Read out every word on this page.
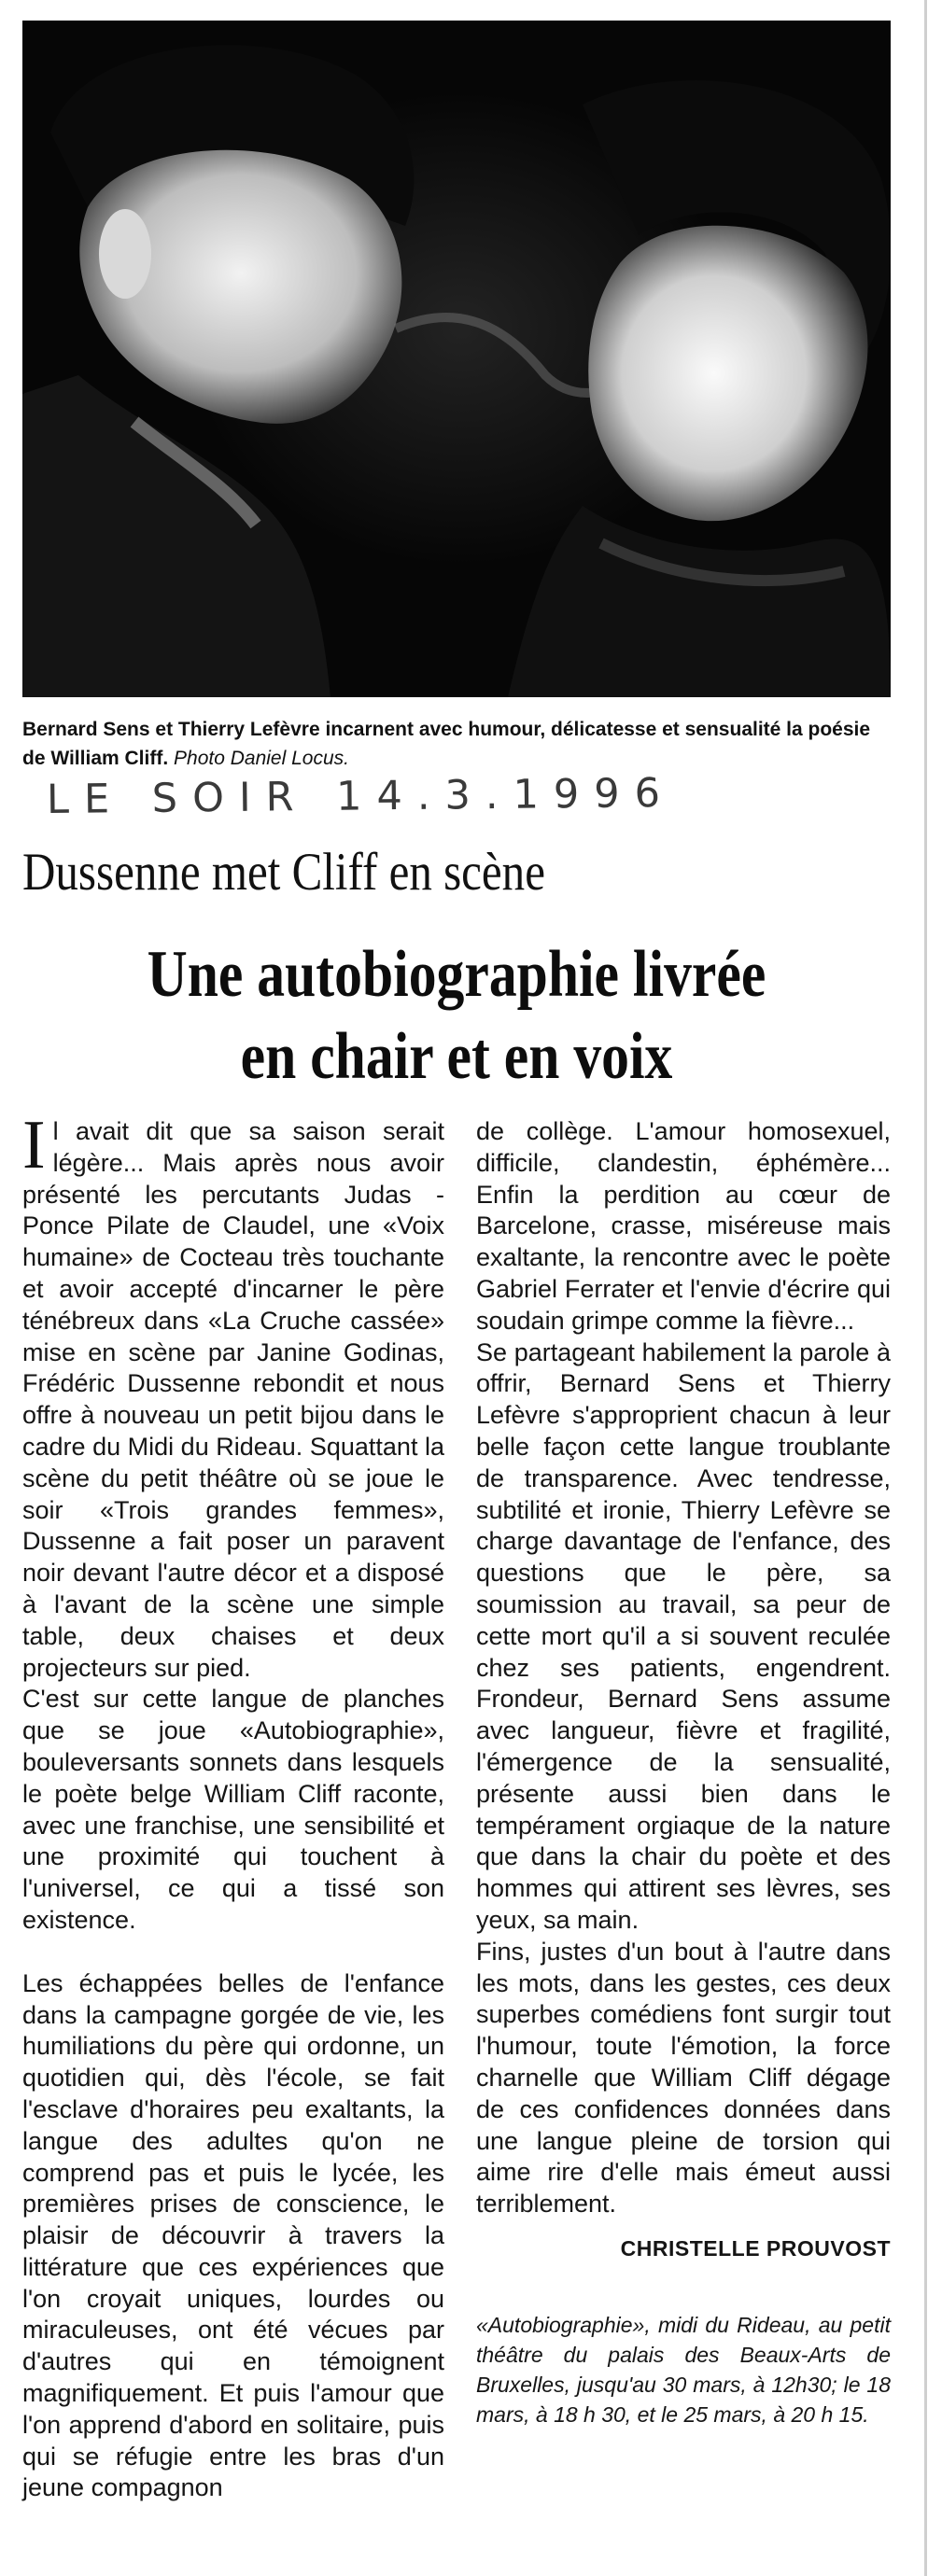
Bernard Sens et Thierry Lefèvre incarnent avec humour, délicatesse et sensualité la poésie de William Cliff. Photo Daniel Locus.
LE SOIR 14.3.1996
Dussenne met Cliff en scène
Une autobiographie livrée
en chair et en voix

Il avait dit que sa saison serait légère... Mais après nous avoir présenté les percutants Judas - Ponce Pilate de Claudel, une «Voix humaine» de Cocteau très touchante et avoir accepté d'incarner le père ténébreux dans «La Cruche cassée» mise en scène par Janine Godinas, Frédéric Dussenne rebondit et nous offre à nouveau un petit bijou dans le cadre du Midi du Rideau. Squattant la scène du petit théâtre où se joue le soir «Trois grandes femmes», Dussenne a fait poser un paravent noir devant l'autre décor et a disposé à l'avant de la scène une simple table, deux chaises et deux projecteurs sur pied.

C'est sur cette langue de planches que se joue «Autobiographie», bouleversants sonnets dans lesquels le poète belge William Cliff raconte, avec une franchise, une sensibilité et une proximité qui touchent à l'universel, ce qui a tissé son existence.

Les échappées belles de l'enfance dans la campagne gorgée de vie, les humiliations du père qui ordonne, un quotidien qui, dès l'école, se fait l'esclave d'horaires peu exaltants, la langue des adultes qu'on ne comprend pas et puis le lycée, les premières prises de conscience, le plaisir de découvrir à travers la littérature que ces expériences que l'on croyait uniques, lourdes ou miraculeuses, ont été vécues par d'autres qui en témoignent magnifiquement. Et puis l'amour que l'on apprend d'abord en solitaire, puis qui se réfugie entre les bras d'un jeune compagnon

de collège. L'amour homosexuel, difficile, clandestin, éphémère... Enfin la perdition au cœur de Barcelone, crasse, miséreuse mais exaltante, la rencontre avec le poète Gabriel Ferrater et l'envie d'écrire qui soudain grimpe comme la fièvre...

Se partageant habilement la parole à offrir, Bernard Sens et Thierry Lefèvre s'approprient chacun à leur belle façon cette langue troublante de transparence. Avec tendresse, subtilité et ironie, Thierry Lefèvre se charge davantage de l'enfance, des questions que le père, sa soumission au travail, sa peur de cette mort qu'il a si souvent reculée chez ses patients, engendrent. Frondeur, Bernard Sens assume avec langueur, fièvre et fragilité, l'émergence de la sensualité, présente aussi bien dans le tempérament orgiaque de la nature que dans la chair du poète et des hommes qui attirent ses lèvres, ses yeux, sa main.

Fins, justes d'un bout à l'autre dans les mots, dans les gestes, ces deux superbes comédiens font surgir tout l'humour, toute l'émotion, la force charnelle que William Cliff dégage de ces confidences données dans une langue pleine de torsion qui aime rire d'elle mais émeut aussi terriblement.

CHRISTELLE PROUVOST
«Autobiographie», midi du Rideau, au petit théâtre du palais des Beaux-Arts de Bruxelles, jusqu'au 30 mars, à 12h30; le 18 mars, à 18 h 30, et le 25 mars, à 20 h 15.
